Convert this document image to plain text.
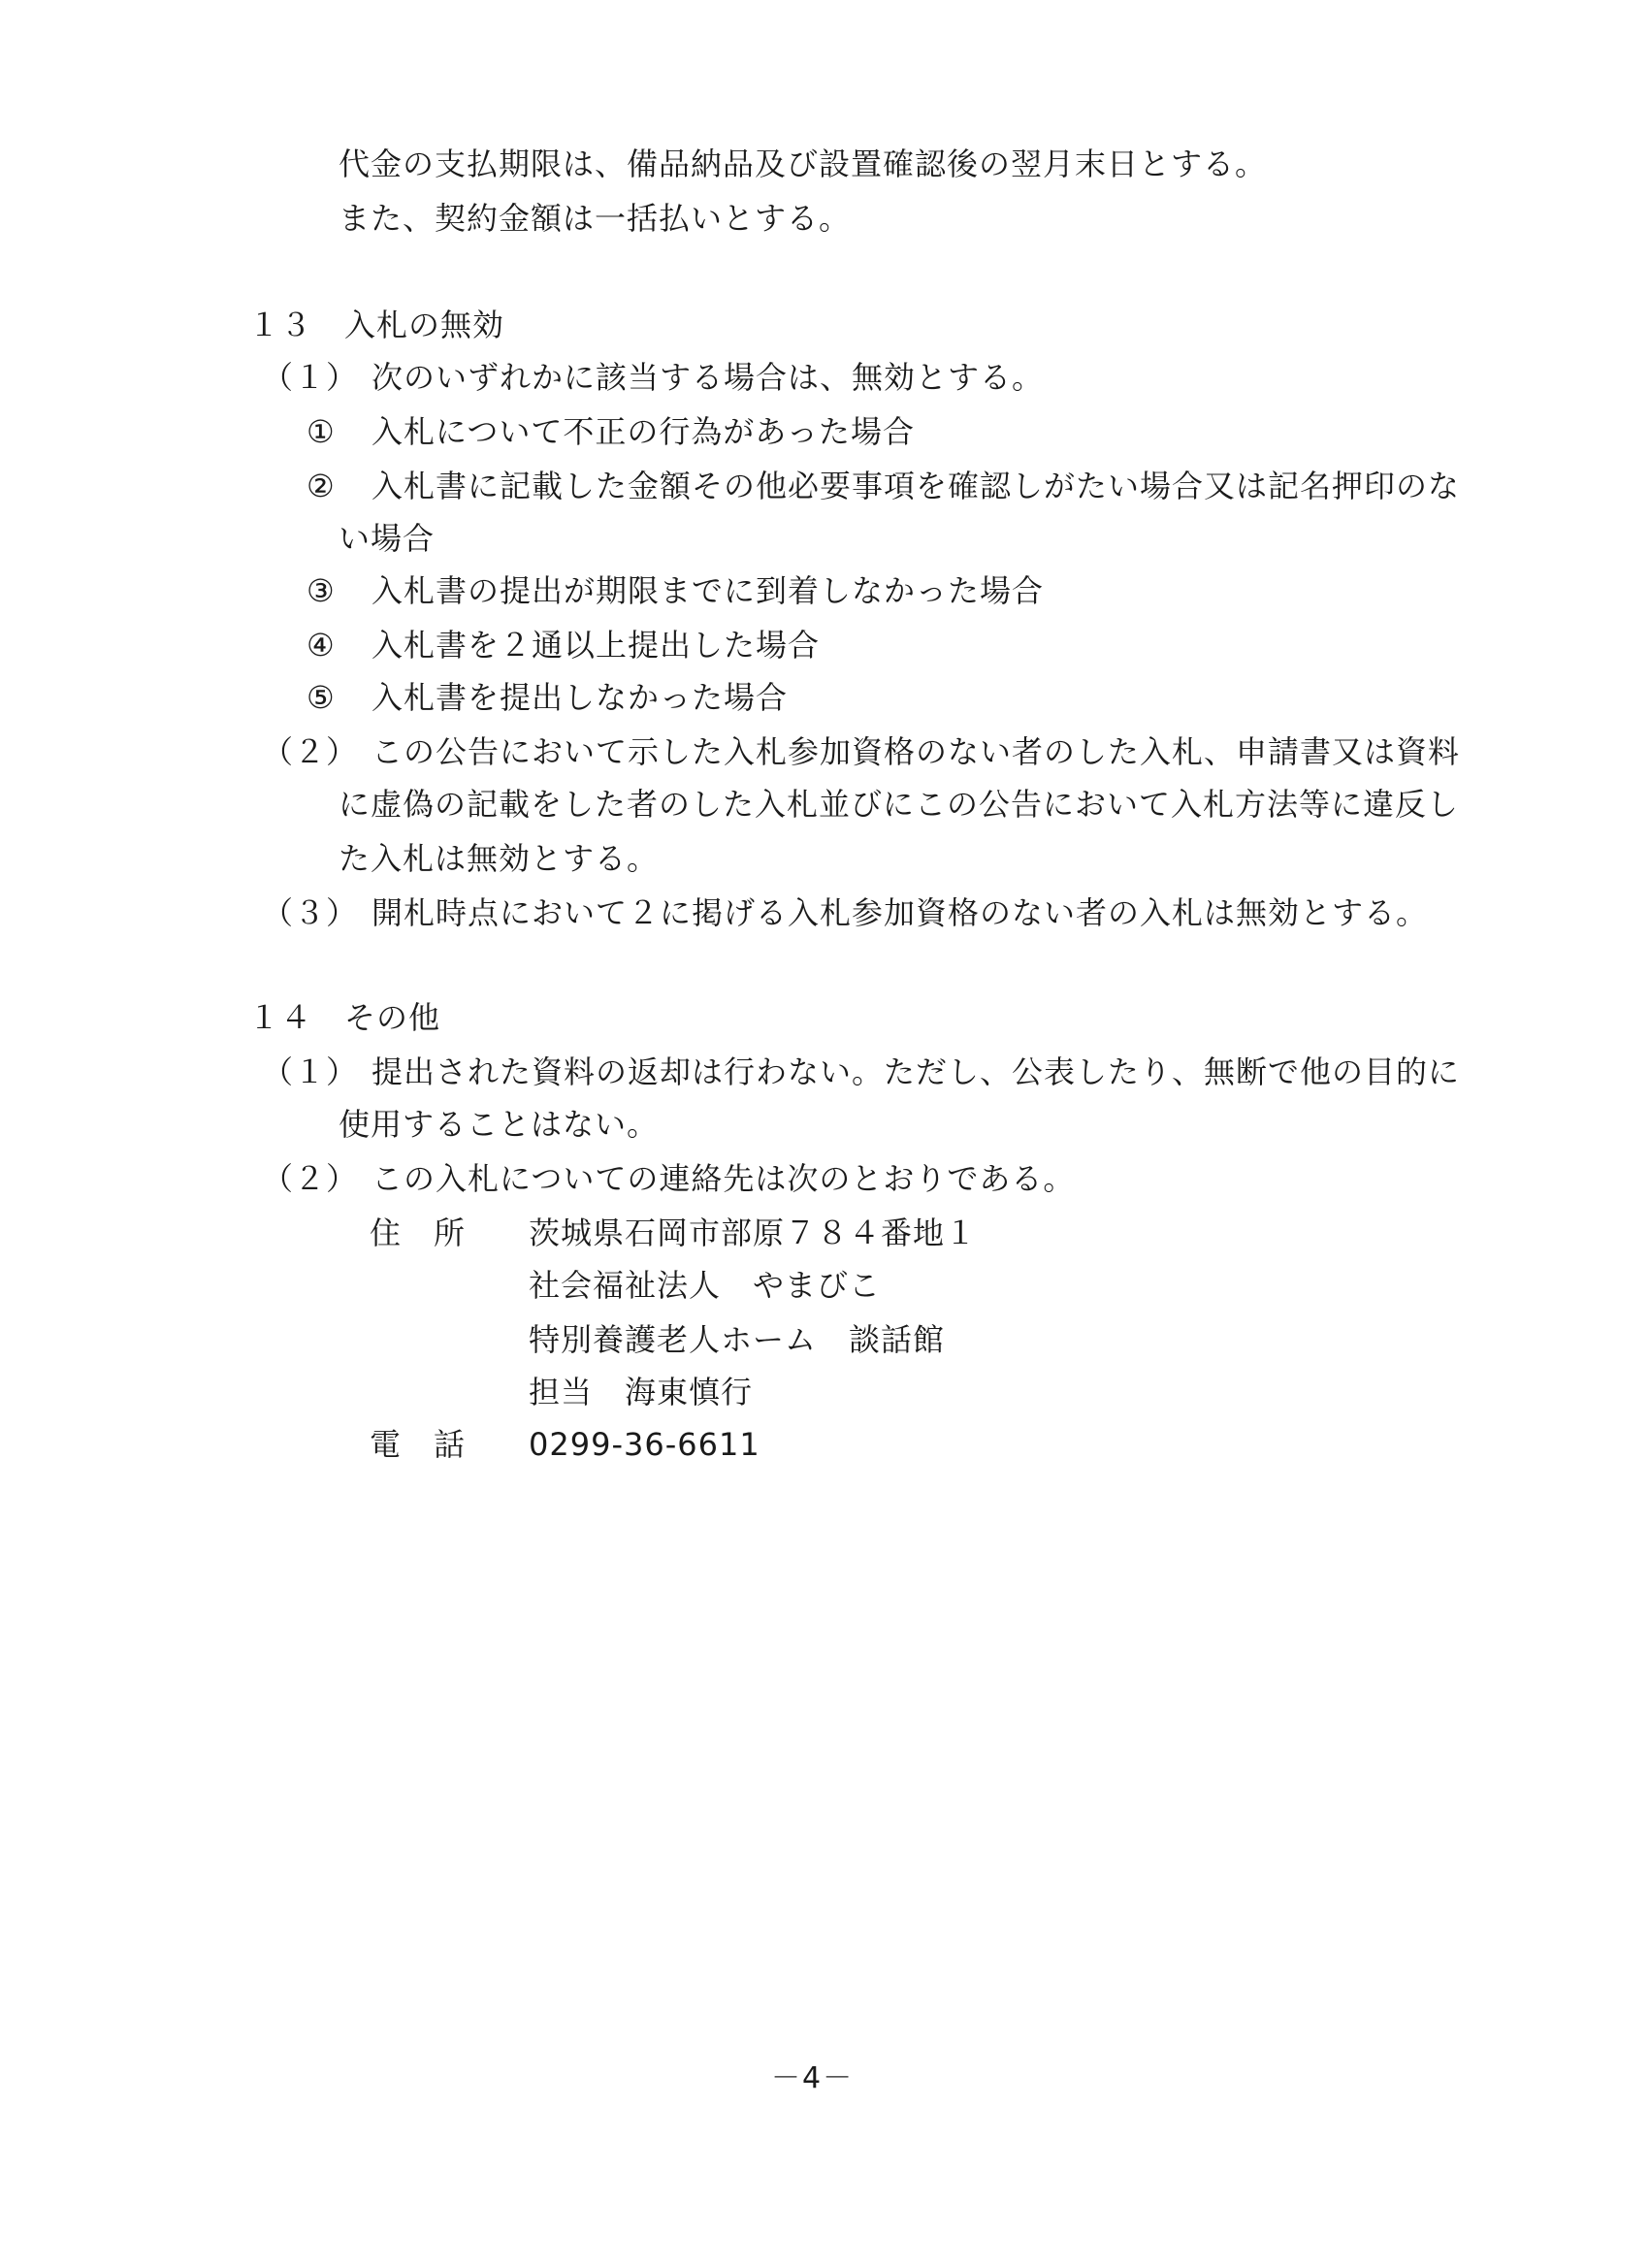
代金の支払期限は、備品納品及び設置確認後の翌月末日とする。
また、契約金額は一括払いとする。
１３　入札の無効
（１） 次のいずれかに該当する場合は、無効とする。
① 入札について不正の行為があった場合
② 入札書に記載した金額その他必要事項を確認しがたい場合又は記名押印のな
い場合
③ 入札書の提出が期限までに到着しなかった場合
④ 入札書を２通以上提出した場合
⑤ 入札書を提出しなかった場合
（２） この公告において示した入札参加資格のない者のした入札、申請書又は資料
に虚偽の記載をした者のした入札並びにこの公告において入札方法等に違反し
た入札は無効とする。
（３） 開札時点において２に掲げる入札参加資格のない者の入札は無効とする。
１４　その他
（１） 提出された資料の返却は行わない。ただし、公表したり、無断で他の目的に
使用することはない。
（２） この入札についての連絡先は次のとおりである。
住　所 茨城県石岡市部原７８４番地１
社会福祉法人　やまびこ
特別養護老人ホーム　談話館
担当　海東慎行
電　話 0299-36-6611
－4－
